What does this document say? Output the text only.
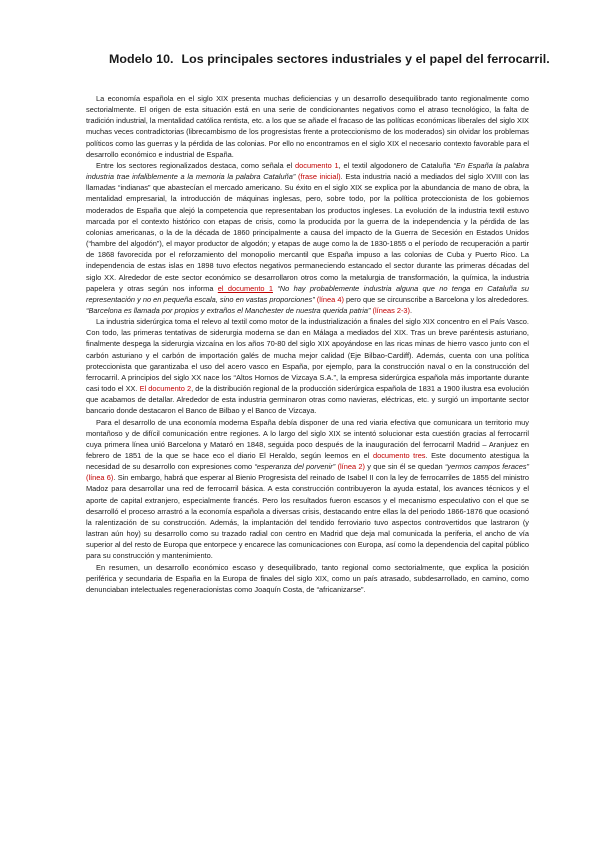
Modelo 10. Los principales sectores industriales y el papel del ferrocarril.

La economía española en el siglo XIX presenta muchas deficiencias y un desarrollo desequilibrado tanto regionalmente como sectorialmente. El origen de esta situación está en una serie de condicionantes negativos como el atraso tecnológico, la falta de tradición industrial, la mentalidad católica rentista, etc. a los que se añade el fracaso de las políticas económicas liberales del siglo XIX muchas veces contradictorias (librecambismo de los progresistas frente a proteccionismo de los moderados) sin olvidar los problemas políticos como las guerras y la pérdida de las colonias. Por ello no encontramos en el siglo XIX el necesario contexto favorable para el desarrollo económico e industrial de España.

Entre los sectores regionalizados destaca, como señala el documento 1, el textil algodonero de Cataluña “En España la palabra industria trae infaliblemente a la memoria la palabra Cataluña” (frase inicial). Esta industria nació a mediados del siglo XVIII con las llamadas “indianas” que abastecían el mercado americano. Su éxito en el siglo XIX se explica por la abundancia de mano de obra, la mentalidad empresarial, la introducción de máquinas inglesas, pero, sobre todo, por la política proteccionista de los gobiernos moderados de España que alejó la competencia que representaban los productos ingleses. La evolución de la industria textil estuvo marcada por el contexto histórico con etapas de crisis, como la producida por la guerra de la independencia y la pérdida de las colonias americanas, o la de la década de 1860 principalmente a causa del impacto de la Guerra de Secesión en Estados Unidos (“hambre del algodón”), el mayor productor de algodón; y etapas de auge como la de 1830-1855 o el período de recuperación a partir de 1868 favorecida por el reforzamiento del monopolio mercantil que España impuso a las colonias de Cuba y Puerto Rico. La independencia de estas islas en 1898 tuvo efectos negativos permaneciendo estancado el sector durante las primeras décadas del siglo XX. Alrededor de este sector económico se desarrollaron otros como la metalurgia de transformación, la química, la industria papelera y otras según nos informa el documento 1 “No hay probablemente industria alguna que no tenga en Cataluña su representación y no en pequeña escala, sino en vastas proporciones” (línea 4) pero que se circunscribe a Barcelona y los alrededores. “Barcelona es llamada por propios y extraños el Manchester de nuestra querida patria” (líneas 2-3).

La industria siderúrgica toma el relevo al textil como motor de la industrialización a finales del siglo XIX concentro en el País Vasco. Con todo, las primeras tentativas de siderurgia moderna se dan en Málaga a mediados del XIX. Tras un breve paréntesis asturiano, finalmente despega la siderurgia vizcaína en los años 70-80 del siglo XIX apoyándose en las ricas minas de hierro vasco junto con el carbón asturiano y el carbón de importación galés de mucha mejor calidad (Eje Bilbao-Cardiff). Además, cuenta con una política proteccionista que garantizaba el uso del acero vasco en España, por ejemplo, para la construcción naval o en la construcción del ferrocarril. A principios del siglo XX nace los “Altos Hornos de Vizcaya S.A.”, la empresa siderúrgica española más importante durante casi todo el XX. El documento 2, de la distribución regional de la producción siderúrgica española de 1831 a 1900 ilustra esa evolución que acabamos de detallar. Alrededor de esta industria germinaron otras como navieras, eléctricas, etc. y surgió un importante sector bancario donde destacaron el Banco de Bilbao y el Banco de Vizcaya.

Para el desarrollo de una economía moderna España debía disponer de una red viaria efectiva que comunicara un territorio muy montañoso y de difícil comunicación entre regiones. A lo largo del siglo XIX se intentó solucionar esta cuestión gracias al ferrocarril cuya primera línea unió Barcelona y Mataró en 1848, seguida poco después de la inauguración del ferrocarril Madrid – Aranjuez en febrero de 1851 de la que se hace eco el diario El Heraldo, según leemos en el documento tres. Este documento atestigua la necesidad de su desarrollo con expresiones como “esperanza del porvenir” (línea 2) y que sin él se quedan “yermos campos feraces” (línea 6). Sin embargo, habrá que esperar al Bienio Progresista del reinado de Isabel II con la ley de ferrocarriles de 1855 del ministro Madoz para desarrollar una red de ferrocarril básica. A esta construcción contribuyeron la ayuda estatal, los avances técnicos y el aporte de capital extranjero, especialmente francés. Pero los resultados fueron escasos y el mecanismo especulativo con el que se desarrolló el proceso arrastró a la economía española a diversas crisis, destacando entre ellas la del periodo 1866-1876 que ocasionó la ralentización de su construcción. Además, la implantación del tendido ferroviario tuvo aspectos controvertidos que lastraron (y lastran aún hoy) su desarrollo como su trazado radial con centro en Madrid que deja mal comunicada la periferia, el ancho de vía superior al del resto de Europa que entorpece y encarece las comunicaciones con Europa, así como la dependencia del capital público para su construcción y mantenimiento.

En resumen, un desarrollo económico escaso y desequilibrado, tanto regional como sectorialmente, que explica la posición periférica y secundaria de España en la Europa de finales del siglo XIX, como un país atrasado, subdesarrollado, en camino, como denunciaban intelectuales regeneracionistas como Joaquín Costa, de “africanizarse”.
